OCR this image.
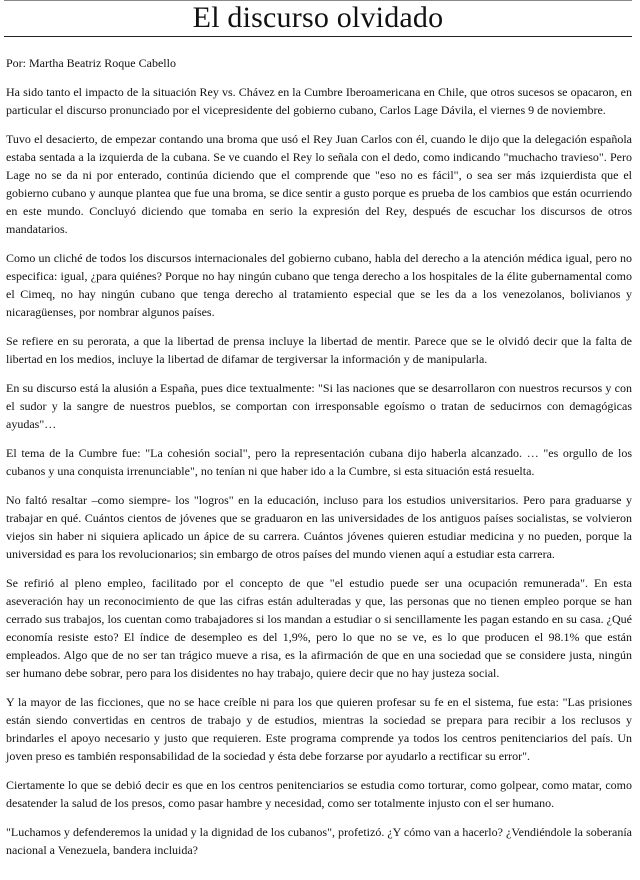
El discurso olvidado

Por: Martha Beatriz Roque Cabello

Ha sido tanto el impacto de la situación Rey vs. Chávez en la Cumbre Iberoamericana en Chile, que otros sucesos se opacaron, en particular el discurso pronunciado por el vicepresidente del gobierno cubano, Carlos Lage Dávila, el viernes 9 de noviembre.

Tuvo el desacierto, de empezar contando una broma que usó el Rey Juan Carlos con él, cuando le dijo que la delegación española estaba sentada a la izquierda de la cubana. Se ve cuando el Rey lo señala con el dedo, como indicando "muchacho travieso". Pero Lage no se da ni por enterado, continúa diciendo que el comprende que "eso no es fácil", o sea ser más izquierdista que el gobierno cubano y aunque plantea que fue una broma, se dice sentir a gusto porque es prueba de los cambios que están ocurriendo en este mundo. Concluyó diciendo que tomaba en serio la expresión del Rey, después de escuchar los discursos de otros mandatarios.

Como un cliché de todos los discursos internacionales del gobierno cubano, habla del derecho a la atención médica igual, pero no especifica: igual, ¿para quiénes? Porque no hay ningún cubano que tenga derecho a los hospitales de la élite gubernamental como el Cimeq, no hay ningún cubano que tenga derecho al tratamiento especial que se les da a los venezolanos, bolivianos y nicaragüenses, por nombrar algunos países.

Se refiere en su perorata, a que la libertad de prensa incluye la libertad de mentir. Parece que se le olvidó decir que la falta de libertad en los medios, incluye la libertad de difamar de tergiversar la información y de manipularla.

En su discurso está la alusión a España, pues dice textualmente: "Si las naciones que se desarrollaron con nuestros recursos y con el sudor y la sangre de nuestros pueblos, se comportan con irresponsable egoísmo o tratan de seducirnos con demagógicas ayudas"…

El tema de la Cumbre fue: "La cohesión social", pero la representación cubana dijo haberla alcanzado. … "es orgullo de los cubanos y una conquista irrenunciable", no tenían ni que haber ido a la Cumbre, si esta situación está resuelta.

No faltó resaltar –como siempre- los "logros" en la educación, incluso para los estudios universitarios. Pero para graduarse y trabajar en qué. Cuántos cientos de jóvenes que se graduaron en las universidades de los antiguos países socialistas, se volvieron viejos sin haber ni siquiera aplicado un ápice de su carrera. Cuántos jóvenes quieren estudiar medicina y no pueden, porque la universidad es para los revolucionarios; sin embargo de otros países del mundo vienen aquí a estudiar esta carrera.

Se refirió al pleno empleo, facilitado por el concepto de que "el estudio puede ser una ocupación remunerada". En esta aseveración hay un reconocimiento de que las cifras están adulteradas y que, las personas que no tienen empleo porque se han cerrado sus trabajos, los cuentan como trabajadores si los mandan a estudiar o si sencillamente les pagan estando en su casa. ¿Qué economía resiste esto? El índice de desempleo es del 1,9%, pero lo que no se ve, es lo que producen el 98.1% que están empleados. Algo que de no ser tan trágico mueve a risa, es la afirmación de que en una sociedad que se considere justa, ningún ser humano debe sobrar, pero para los disidentes no hay trabajo, quiere decir que no hay justeza social.

Y la mayor de las ficciones, que no se hace creíble ni para los que quieren profesar su fe en el sistema, fue esta: "Las prisiones están siendo convertidas en centros de trabajo y de estudios, mientras la sociedad se prepara para recibir a los reclusos y brindarles el apoyo necesario y justo que requieren. Este programa comprende ya todos los centros penitenciarios del país. Un joven preso es también responsabilidad de la sociedad y ésta debe forzarse por ayudarlo a rectificar su error".

Ciertamente lo que se debió decir es que en los centros penitenciarios se estudia como torturar, como golpear, como matar, como desatender la salud de los presos, como pasar hambre y necesidad, como ser totalmente injusto con el ser humano.

"Luchamos y defenderemos la unidad y la dignidad de los cubanos", profetizó. ¿Y cómo van a hacerlo? ¿Vendiéndole la soberanía nacional a Venezuela, bandera incluida?
